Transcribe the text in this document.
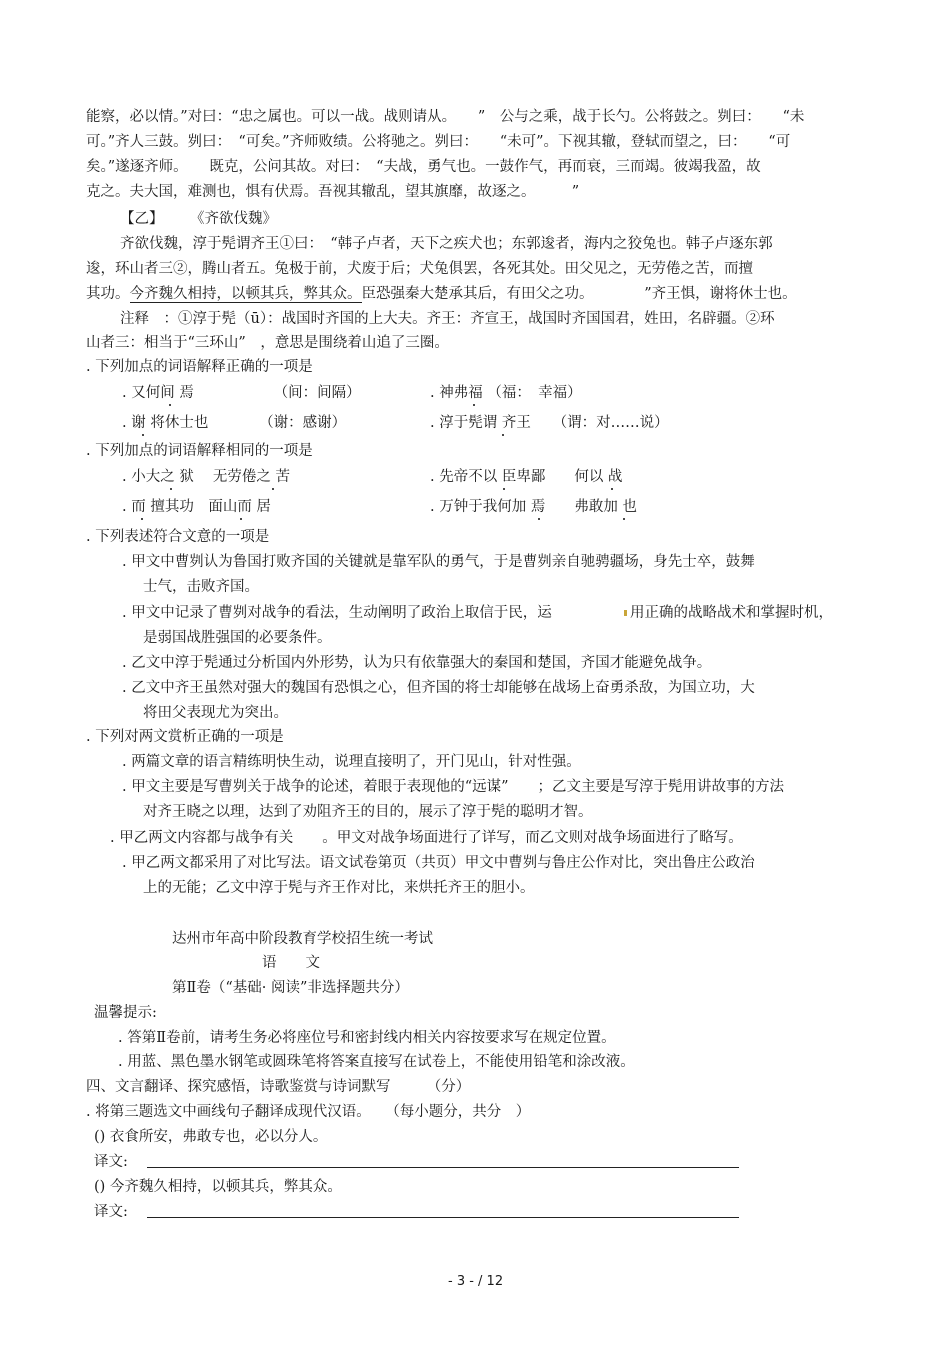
能察，必以情。”对曰：“忠之属也。可以一战。战则请从。　　”　公与之乘，战于长勺。公将鼓之。刿曰：　　“未
可。”齐人三鼓。刿曰：　“可矣。”齐师败绩。公将驰之。刿曰：　　“未可”。下视其辙，登轼而望之，曰：　　“可
矣。”遂逐齐师。　　既克，公问其故。对曰：　“夫战，勇气也。一鼓作气，再而衰，三而竭。彼竭我盈，故
克之。夫大国，难测也，惧有伏焉。吾视其辙乱，望其旗靡，故逐之。　　　”
【乙】 《齐欲伐魏》
齐欲伐魏，淳于髡谓齐王①曰：　“韩子卢者，天下之疾犬也；东郭逡者，海内之狡兔也。韩子卢逐东郭
逡，环山者三②，腾山者五。兔极于前，犬废于后；犬兔俱罢，各死其处。田父见之，无劳倦之苦，而擅
其功。今齐魏久相持，以顿其兵，弊其众。臣恐强秦大楚承其后，有田父之功。　　　　”齐王惧，谢将休士也。
注释　：①淳于髡（ū）：战国时齐国的上大夫。齐王：齐宣王，战国时齐国国君，姓田，名辟疆。②环
山者三：相当于“三环山”　，意思是围绕着山追了三圈。
. 下列加点的词语解释正确的一项是
. 又何间 焉　　　　　　（间：间隔）	. 神弗福 （福：　幸福）
. 谢 将休士也　　　　（谢：感谢）	. 淳于髡谓 齐王　　（谓：对……说）
. 下列加点的词语解释相同的一项是
. 小大之 狱　 无劳倦之 苦	. 先帝不以 臣卑鄙　　何以 战
. 而 擅其功　面山而 居	. 万钟于我何加 焉　　弗敢加 也
. 下列表述符合文意的一项是
. 甲文中曹刿认为鲁国打败齐国的关键就是靠军队的勇气，于是曹刿亲自驰骋疆场，身先士卒，鼓舞
士气，击败齐国。
. 甲文中记录了曹刿对战争的看法，生动阐明了政治上取信于民，运	用正确的战略战术和掌握时机，
是弱国战胜强国的必要条件。
. 乙文中淳于髡通过分析国内外形势，认为只有依靠强大的秦国和楚国，齐国才能避免战争。
. 乙文中齐王虽然对强大的魏国有恐惧之心，但齐国的将士却能够在战场上奋勇杀敌，为国立功，大
将田父表现尤为突出。
. 下列对两文赏析正确的一项是
. 两篇文章的语言精练明快生动，说理直接明了，开门见山，针对性强。
. 甲文主要是写曹刿关于战争的论述，着眼于表现他的“远谋”　　；乙文主要是写淳于髡用讲故事的方法
对齐王晓之以理，达到了劝阻齐王的目的，展示了淳于髡的聪明才智。
. 甲乙两文内容都与战争有关　　。甲文对战争场面进行了详写，而乙文则对战争场面进行了略写。
. 甲乙两文都采用了对比写法。语文试卷第页（共页）甲文中曹刿与鲁庄公作对比，突出鲁庄公政治
上的无能；乙文中淳于髡与齐王作对比，来烘托齐王的胆小。
达州市年高中阶段教育学校招生统一考试
语　　文
第Ⅱ卷（“基础· 阅读”非选择题共分）
温馨提示:
. 答第Ⅱ卷前，请考生务必将座位号和密封线内相关内容按要求写在规定位置。
. 用蓝、黑色墨水钢笔或圆珠笔将答案直接写在试卷上，不能使用铅笔和涂改液。
四、文言翻译、探究感悟，诗歌鉴赏与诗词默写　　　（分）
. 将第三题选文中画线句子翻译成现代汉语。　　（每小题分，共分　）
() 衣食所安，弗敢专也，必以分人。
译文:
() 今齐魏久相持，以顿其兵，弊其众。
译文:
- 3 - / 12
